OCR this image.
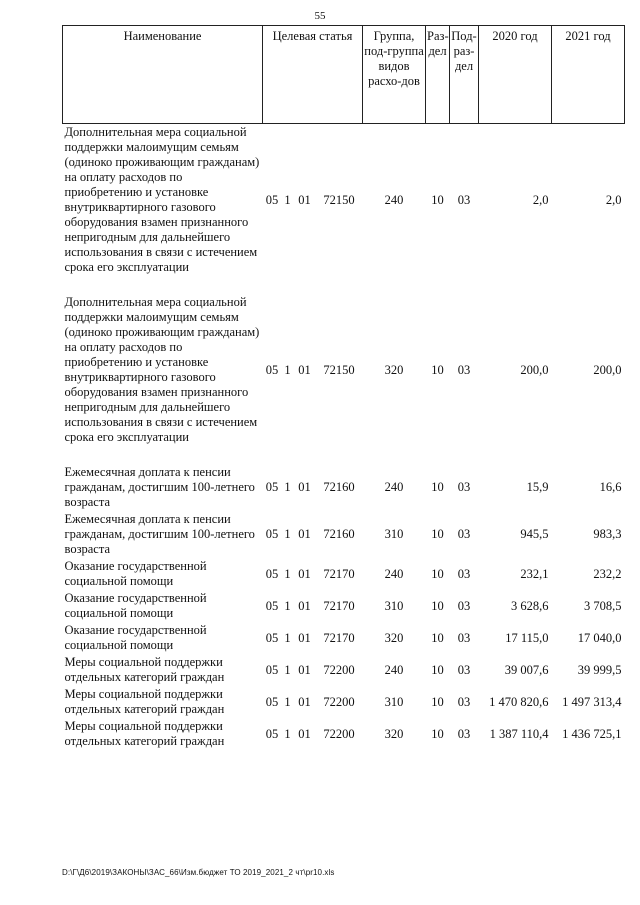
55
Наименование	Целевая статья				Группа, под-группа видов расхо-дов	Раз-дел	Под-раз-дел	2020 год	2021 год
Дополнительная мера социальной поддержки малоимущим семьям (одиноко проживающим гражданам) на оплату расходов по приобретению и установке внутриквартирного газового оборудования взамен признанного непригодным для дальнейшего использования в связи с истечением срока его эксплуатации	05	1	01	72150	240	10	03	2,0	2,0

Дополнительная мера социальной поддержки малоимущим семьям (одиноко проживающим гражданам) на оплату расходов по приобретению и установке внутриквартирного газового оборудования взамен признанного непригодным для дальнейшего использования в связи с истечением срока его эксплуатации	05	1	01	72150	320	10	03	200,0	200,0

Ежемесячная доплата к пенсии гражданам, достигшим 100-летнего возраста	05	1	01	72160	240	10	03	15,9	16,6
Ежемесячная доплата к пенсии гражданам, достигшим 100-летнего возраста	05	1	01	72160	310	10	03	945,5	983,3
Оказание государственной социальной помощи	05	1	01	72170	240	10	03	232,1	232,2
Оказание государственной социальной помощи	05	1	01	72170	310	10	03	3 628,6	3 708,5
Оказание государственной социальной помощи	05	1	01	72170	320	10	03	17 115,0	17 040,0
Меры социальной поддержки отдельных категорий граждан	05	1	01	72200	240	10	03	39 007,6	39 999,5
Меры социальной поддержки отдельных категорий граждан	05	1	01	72200	310	10	03	1 470 820,6	1 497 313,4
Меры социальной поддержки отдельных категорий граждан	05	1	01	72200	320	10	03	1 387 110,4	1 436 725,1
D:\Г\Д6\2019\ЗАКОНЫ\ЗАС_66\Изм.бюджет ТО 2019_2021_2 чт\pr10.xls
